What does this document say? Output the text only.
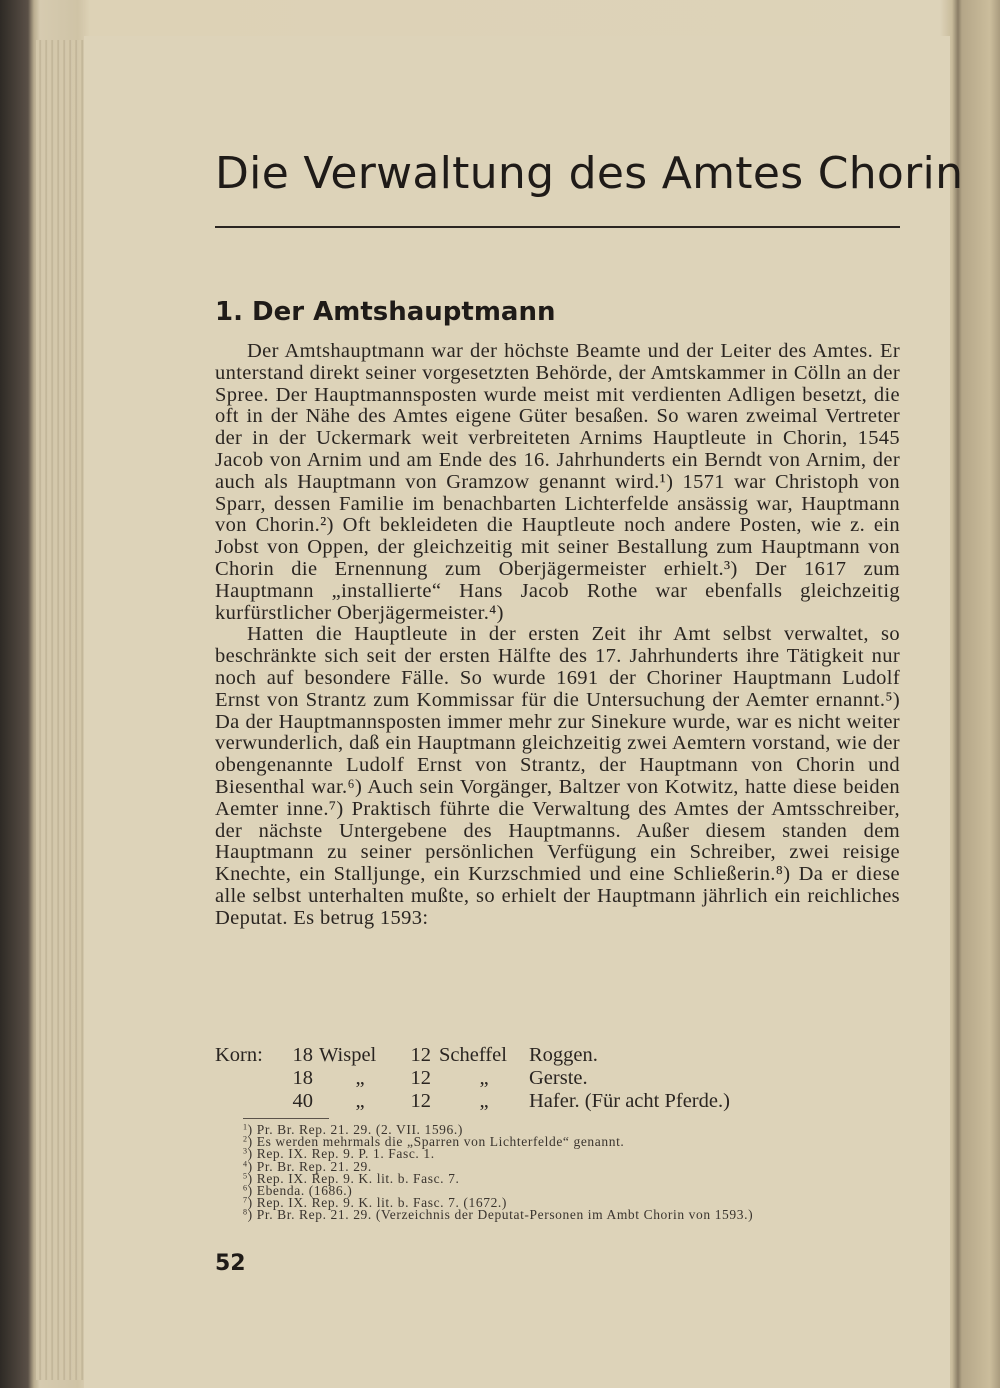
Die Verwaltung des Amtes Chorin
1. Der Amtshauptmann

Der Amtshauptmann war der höchste Beamte und der Leiter des Amtes. Er unterstand direkt seiner vorgesetzten Behörde, der Amtskammer in Cölln an der Spree. Der Hauptmannsposten wurde meist mit verdienten Adligen besetzt, die oft in der Nähe des Amtes eigene Güter besaßen. So waren zweimal Vertreter der in der Uckermark weit verbreiteten Arnims Hauptleute in Chorin, 1545 Jacob von Arnim und am Ende des 16. Jahrhunderts ein Berndt von Arnim, der auch als Hauptmann von Gramzow genannt wird.¹) 1571 war Christoph von Sparr, dessen Familie im benachbarten Lichterfelde ansässig war, Hauptmann von Chorin.²) Oft bekleideten die Hauptleute noch andere Posten, wie z. ein Jobst von Oppen, der gleichzeitig mit seiner Bestallung zum Hauptmann von Chorin die Ernennung zum Oberjägermeister erhielt.³) Der 1617 zum Hauptmann „installierte“ Hans Jacob Rothe war ebenfalls gleichzeitig kurfürstlicher Oberjägermeister.⁴)

Hatten die Hauptleute in der ersten Zeit ihr Amt selbst verwaltet, so beschränkte sich seit der ersten Hälfte des 17. Jahrhunderts ihre Tätigkeit nur noch auf besondere Fälle. So wurde 1691 der Choriner Hauptmann Ludolf Ernst von Strantz zum Kommissar für die Untersuchung der Aemter ernannt.⁵) Da der Hauptmannsposten immer mehr zur Sinekure wurde, war es nicht weiter verwunderlich, daß ein Hauptmann gleichzeitig zwei Aemtern vorstand, wie der obengenannte Ludolf Ernst von Strantz, der Hauptmann von Chorin und Biesenthal war.⁶) Auch sein Vorgänger, Baltzer von Kotwitz, hatte diese beiden Aemter inne.⁷) Praktisch führte die Verwaltung des Amtes der Amtsschreiber, der nächste Untergebene des Hauptmanns. Außer diesem standen dem Hauptmann zu seiner persönlichen Verfügung ein Schreiber, zwei reisige Knechte, ein Stalljunge, ein Kurzschmied und eine Schließerin.⁸) Da er diese alle selbst unterhalten mußte, so erhielt der Hauptmann jährlich ein reichliches Deputat. Es betrug 1593:

Korn:	18	Wispel	12	Scheffel	Roggen.
	18	„	12	„	Gerste.
	40	„	12	„	Hafer. (Für acht Pferde.)
$^1$) Pr. Br. Rep. 21. 29. (2. VII. 1596.)
$^2$) Es werden mehrmals die „Sparren von Lichterfelde“ genannt.
$^3$) Rep. IX. Rep. 9. P. 1. Fasc. 1.
$^4$) Pr. Br. Rep. 21. 29.
$^5$) Rep. IX. Rep. 9. K. lit. b. Fasc. 7.
$^6$) Ebenda. (1686.)
$^7$) Rep. IX. Rep. 9. K. lit. b. Fasc. 7. (1672.)
$^8$) Pr. Br. Rep. 21. 29. (Verzeichnis der Deputat-Personen im Ambt Chorin von 1593.)
52
